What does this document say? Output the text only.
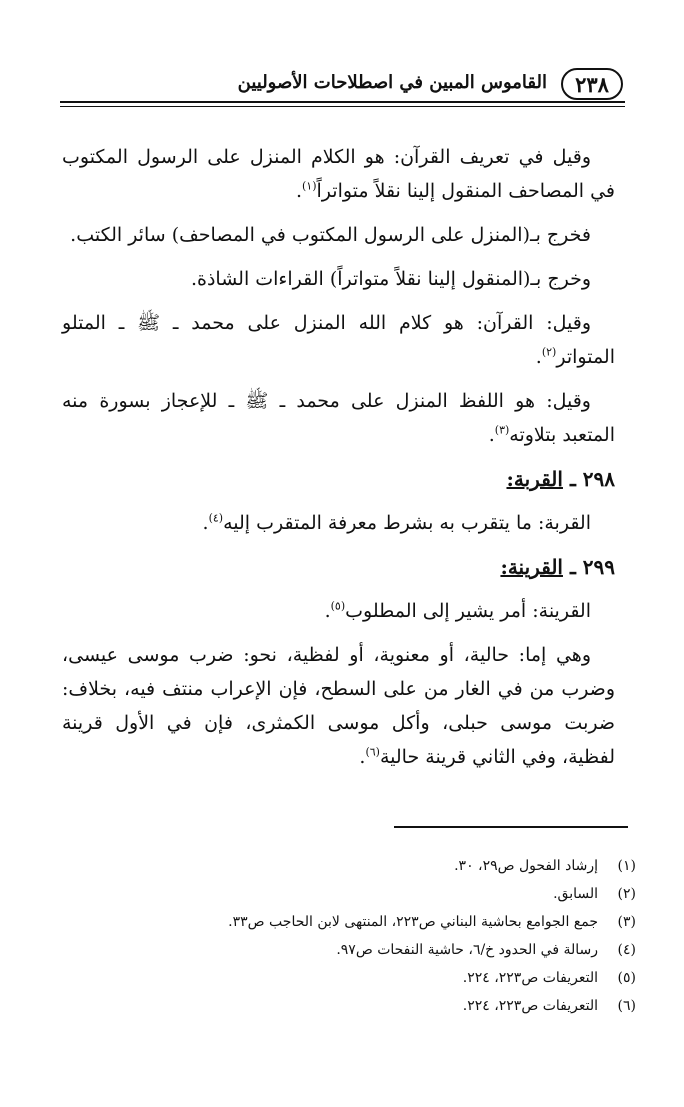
٢٣٨
القاموس المبين في اصطلاحات الأصوليين

وقيل في تعريف القرآن: هو الكلام المنزل على الرسول المكتوب في المصاحف المنقول إلينا نقلاً متواتراً$^{(١)}$.

فخرج بـ(المنزل على الرسول المكتوب في المصاحف) سائر الكتب.

وخرج بـ(المنقول إلينا نقلاً متواتراً) القراءات الشاذة.

وقيل: القرآن: هو كلام الله المنزل على محمد ـ ﷺ ـ المتلو المتواتر$^{(٢)}$.

وقيل: هو اللفظ المنزل على محمد ـ ﷺ ـ للإعجاز بسورة منه المتعبد بتلاوته$^{(٣)}$.

٢٩٨ ـ القربة:

القربة: ما يتقرب به بشرط معرفة المتقرب إليه$^{(٤)}$.

٢٩٩ ـ القرينة:

القرينة: أمر يشير إلى المطلوب$^{(٥)}$.

وهي إما: حالية، أو معنوية، أو لفظية، نحو: ضرب موسى عيسى، وضرب من في الغار من على السطح، فإن الإعراب منتف فيه، بخلاف: ضربت موسى حبلى، وأكل موسى الكمثرى، فإن في الأول قرينة لفظية، وفي الثاني قرينة حالية$^{(٦)}$.

(١)
إرشاد الفحول ص٢٩، ٣٠.
(٢)
السابق.
(٣)
جمع الجوامع بحاشية البناني ص٢٢٣، المنتهى لابن الحاجب ص٣٣.
(٤)
رسالة في الحدود خ/٦، حاشية النفحات ص٩٧.
(٥)
التعريفات ص٢٢٣، ٢٢٤.
(٦)
التعريفات ص٢٢٣، ٢٢٤.
